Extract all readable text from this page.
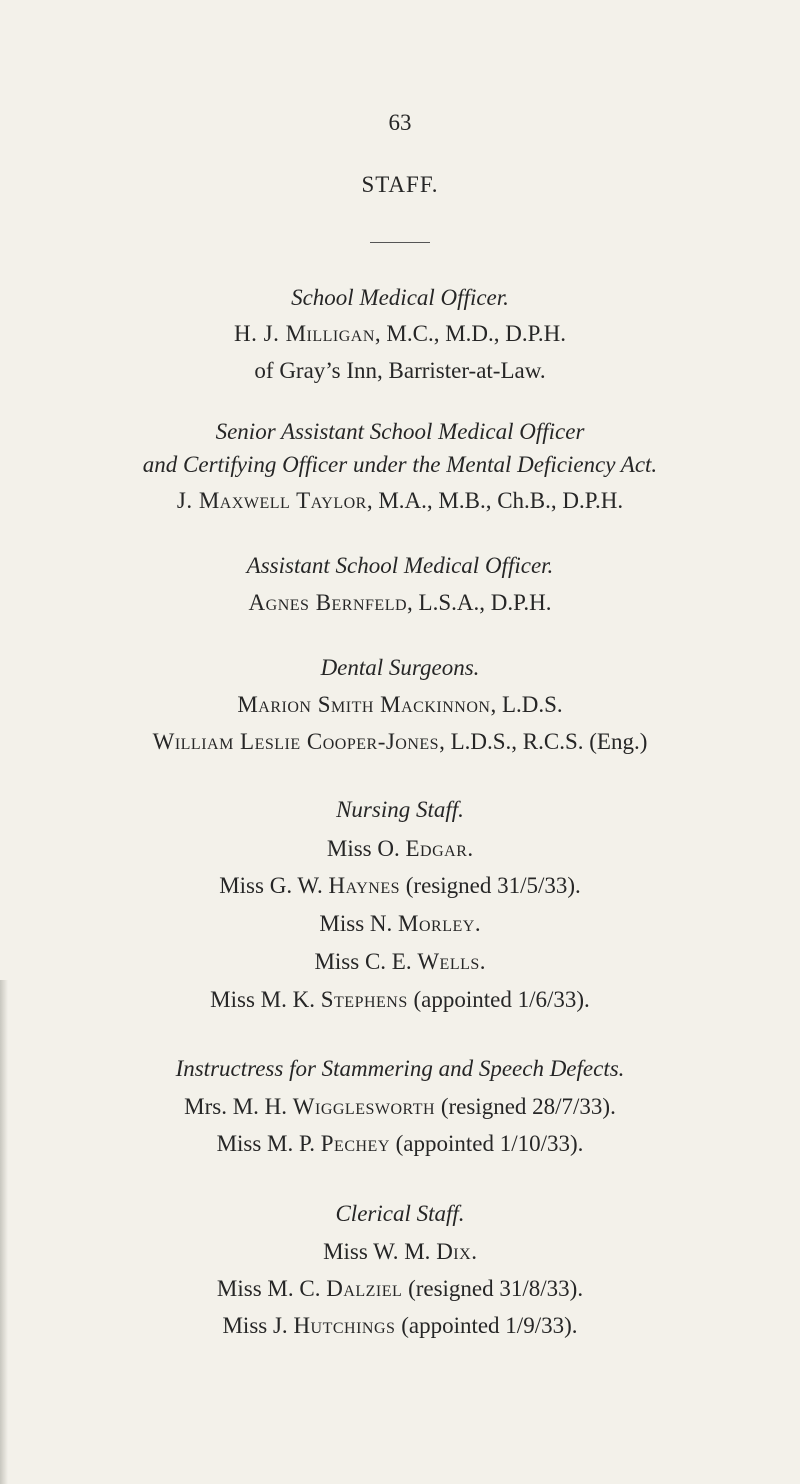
63
STAFF.
School Medical Officer.
H. J. Milligan, M.C., M.D., D.P.H.
of Gray’s Inn, Barrister-at-Law.
Senior Assistant School Medical Officer
and Certifying Officer under the Mental Deficiency Act.
J. Maxwell Taylor, M.A., M.B., Ch.B., D.P.H.
Assistant School Medical Officer.
Agnes Bernfeld, L.S.A., D.P.H.
Dental Surgeons.
Marion Smith Mackinnon, L.D.S.
William Leslie Cooper-Jones, L.D.S., R.C.S. (Eng.)
Nursing Staff.
Miss O. Edgar.
Miss G. W. Haynes (resigned 31/5/33).
Miss N. Morley.
Miss C. E. Wells.
Miss M. K. Stephens (appointed 1/6/33).
Instructress for Stammering and Speech Defects.
Mrs. M. H. Wigglesworth (resigned 28/7/33).
Miss M. P. Pechey (appointed 1/10/33).
Clerical Staff.
Miss W. M. Dix.
Miss M. C. Dalziel (resigned 31/8/33).
Miss J. Hutchings (appointed 1/9/33).
